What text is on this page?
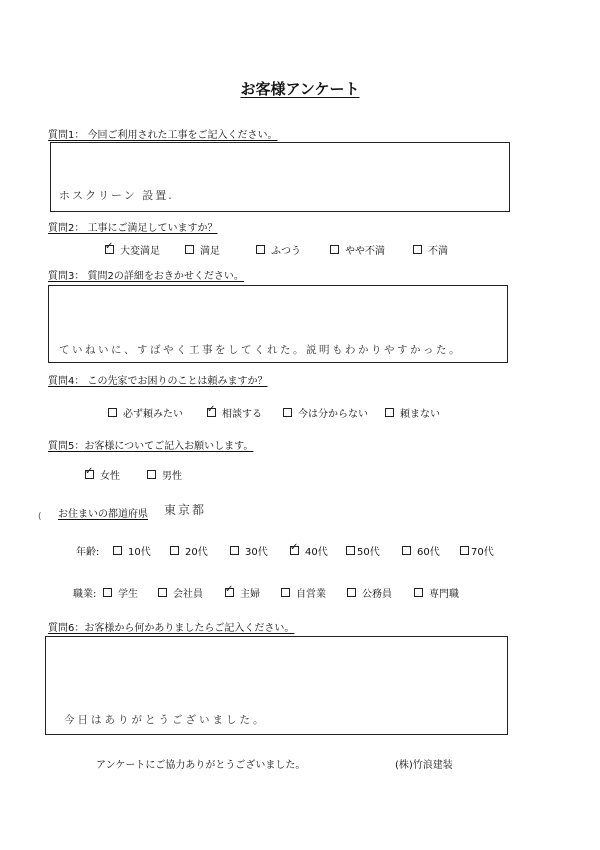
お客様アンケート
質問1： 今回ご利用された工事をご記入ください。
ホスクリーン 設置.
質問2： 工事にご満足していますか？
✓
大変満足	満足	ふつう	やや不満	不満
質問3： 質問2の詳細をおきかせください。
ていねいに、すばやく工事をしてくれた。説明もわかりやすかった。
質問4： この先家でお困りのことは頼みますか？
必ず頼みたい ✓	相談する	今は分からない	頼まない
質問5：お客様についてご記入お願いします。
✓
女性	男性
( お住まいの都道府県 東京都
年齢:	10代	20代	30代 ✓	40代	50代	60代	70代
職業: 学生	会社員 ✓	主婦	自営業	公務員	専門職
質問6：お客様から何かありましたらご記入ください。
今日はありがとうございました。
アンケートにご協力ありがとうございました。	(株)竹浪建装
